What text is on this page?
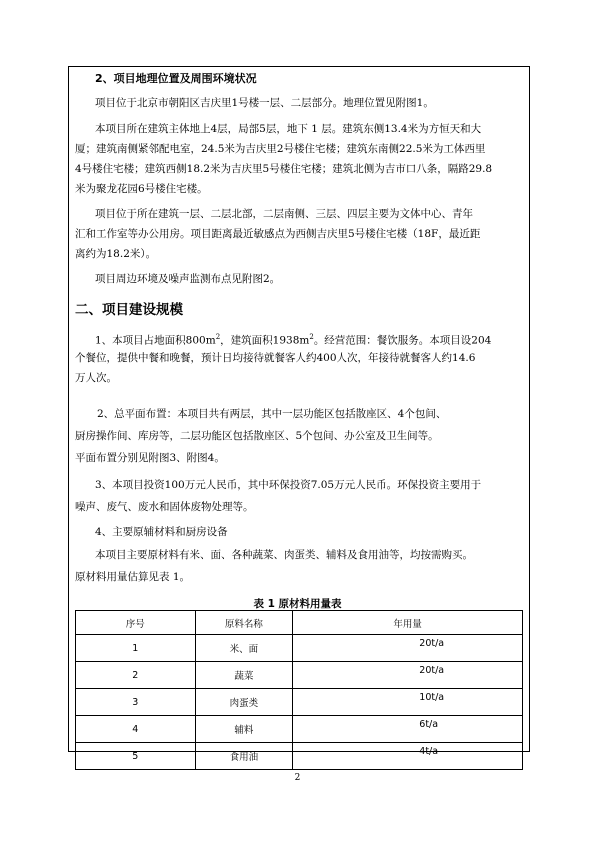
2、项目地理位置及周围环境状况
项目位于北京市朝阳区吉庆里1号楼一层、二层部分。地理位置见附图1。
本项目所在建筑主体地上4层，局部5层，地下 1 层。建筑东侧13.4米为方恒天和大
厦；建筑南侧紧邻配电室，24.5米为吉庆里2号楼住宅楼；建筑东南侧22.5米为工体西里
4号楼住宅楼；建筑西侧18.2米为吉庆里5号楼住宅楼；建筑北侧为吉市口八条，隔路29.8
米为聚龙花园6号楼住宅楼。
项目位于所在建筑一层、二层北部，二层南侧、三层、四层主要为文体中心、青年
汇和工作室等办公用房。项目距离最近敏感点为西侧吉庆里5号楼住宅楼（18F，最近距
离约为18.2米）。
项目周边环境及噪声监测布点见附图2。
二、项目建设规模
1、本项目占地面积$800m^2$，建筑面积$1938m^2$。经营范围：餐饮服务。本项目设204
个餐位，提供中餐和晚餐，预计日均接待就餐客人约400人次，年接待就餐客人约14.6
万人次。
2、总平面布置：本项目共有两层，其中一层功能区包括散座区、4个包间、
厨房操作间、库房等，二层功能区包括散座区、5个包间、办公室及卫生间等。
平面布置分别见附图3、附图4。
3、本项目投资100万元人民币，其中环保投资7.05万元人民币。环保投资主要用于
噪声、废气、废水和固体废物处理等。
4、主要原辅材料和厨房设备
本项目主要原材料有米、面、各种蔬菜、肉蛋类、辅料及食用油等，均按需购买。
原材料用量估算见表 1。
表 1 原材料用量表
序号	原料名称	年用量
1	米、面	20t/a
2	蔬菜	20t/a
3	肉蛋类	10t/a
4	辅料	6t/a
5	食用油	4t/a
2
